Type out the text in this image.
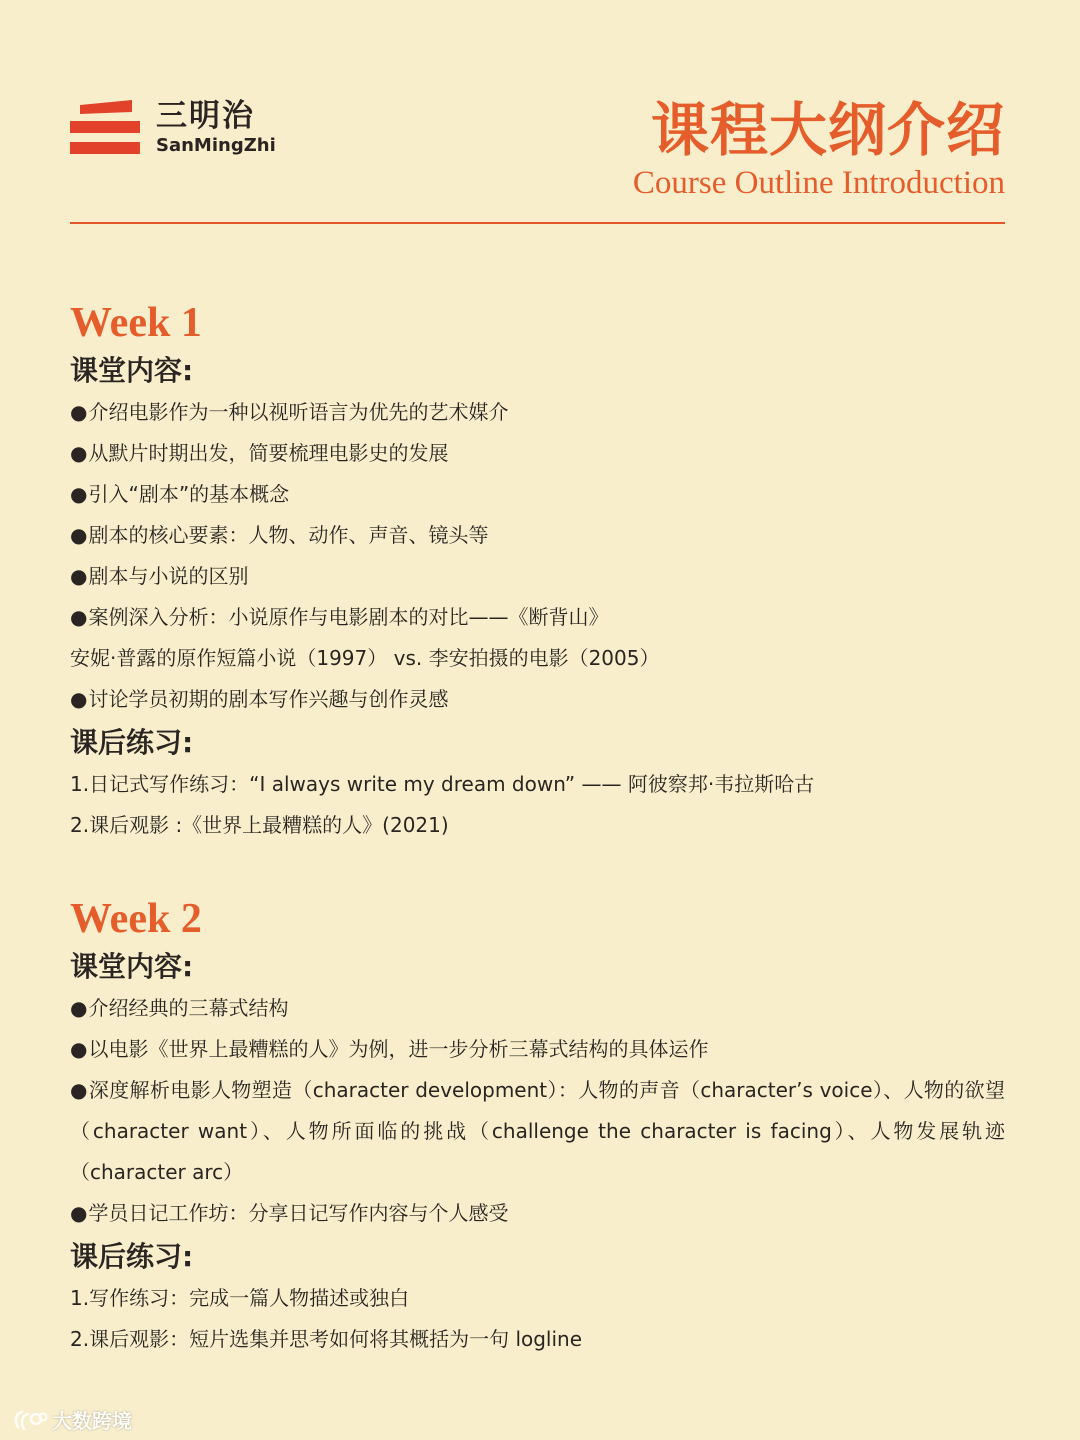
三明治
SanMingZhi	课程大纲介绍
Course Outline Introduction
Week 1
课堂内容:
●介绍电影作为一种以视听语言为优先的艺术媒介
●从默片时期出发，简要梳理电影史的发展
●引入“剧本”的基本概念
●剧本的核心要素：人物、动作、声音、镜头等
●剧本与小说的区别
●案例深入分析：小说原作与电影剧本的对比——《断背山》
安妮·普露的原作短篇小说（1997） vs. 李安拍摄的电影（2005）
●讨论学员初期的剧本写作兴趣与创作灵感
课后练习:
1.日记式写作练习：“I always write my dream down” —— 阿彼察邦·韦拉斯哈古
2.课后观影 :《世界上最糟糕的人》(2021)
Week 2
课堂内容:
●介绍经典的三幕式结构
●以电影《世界上最糟糕的人》为例，进一步分析三幕式结构的具体运作
●深度解析电影人物塑造（character development）：人物的声音（character’s voice）、人物的欲望（character want）、人物所面临的挑战（challenge the character is facing）、人物发展轨迹（character arc）
●学员日记工作坊：分享日记写作内容与个人感受
课后练习:
1.写作练习：完成一篇人物描述或独白
2.课后观影：短片选集并思考如何将其概括为一句 logline
大数跨境
